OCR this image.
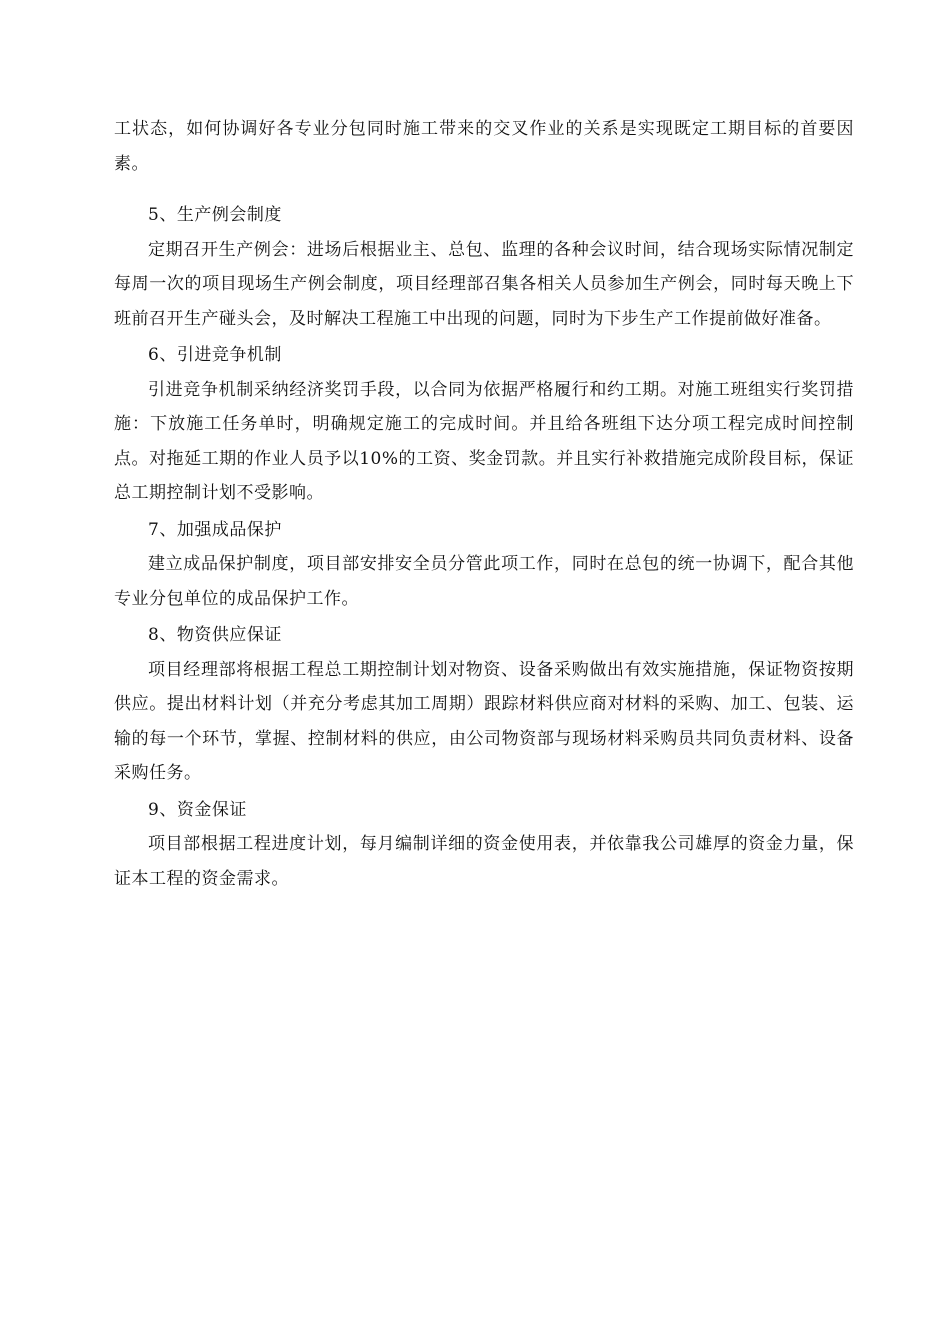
工状态，如何协调好各专业分包同时施工带来的交叉作业的关系是实现既定工期目标的首要因素。

5、生产例会制度

定期召开生产例会：进场后根据业主、总包、监理的各种会议时间，结合现场实际情况制定每周一次的项目现场生产例会制度，项目经理部召集各相关人员参加生产例会，同时每天晚上下班前召开生产碰头会，及时解决工程施工中出现的问题，同时为下步生产工作提前做好准备。

6、引进竞争机制

引进竞争机制采纳经济奖罚手段，以合同为依据严格履行和约工期。对施工班组实行奖罚措施：下放施工任务单时，明确规定施工的完成时间。并且给各班组下达分项工程完成时间控制点。对拖延工期的作业人员予以10%的工资、奖金罚款。并且实行补救措施完成阶段目标，保证总工期控制计划不受影响。

7、加强成品保护

建立成品保护制度，项目部安排安全员分管此项工作，同时在总包的统一协调下，配合其他专业分包单位的成品保护工作。

8、物资供应保证

项目经理部将根据工程总工期控制计划对物资、设备采购做出有效实施措施，保证物资按期供应。提出材料计划（并充分考虑其加工周期）跟踪材料供应商对材料的采购、加工、包装、运输的每一个环节，掌握、控制材料的供应，由公司物资部与现场材料采购员共同负责材料、设备采购任务。

9、资金保证

项目部根据工程进度计划，每月编制详细的资金使用表，并依靠我公司雄厚的资金力量，保证本工程的资金需求。
